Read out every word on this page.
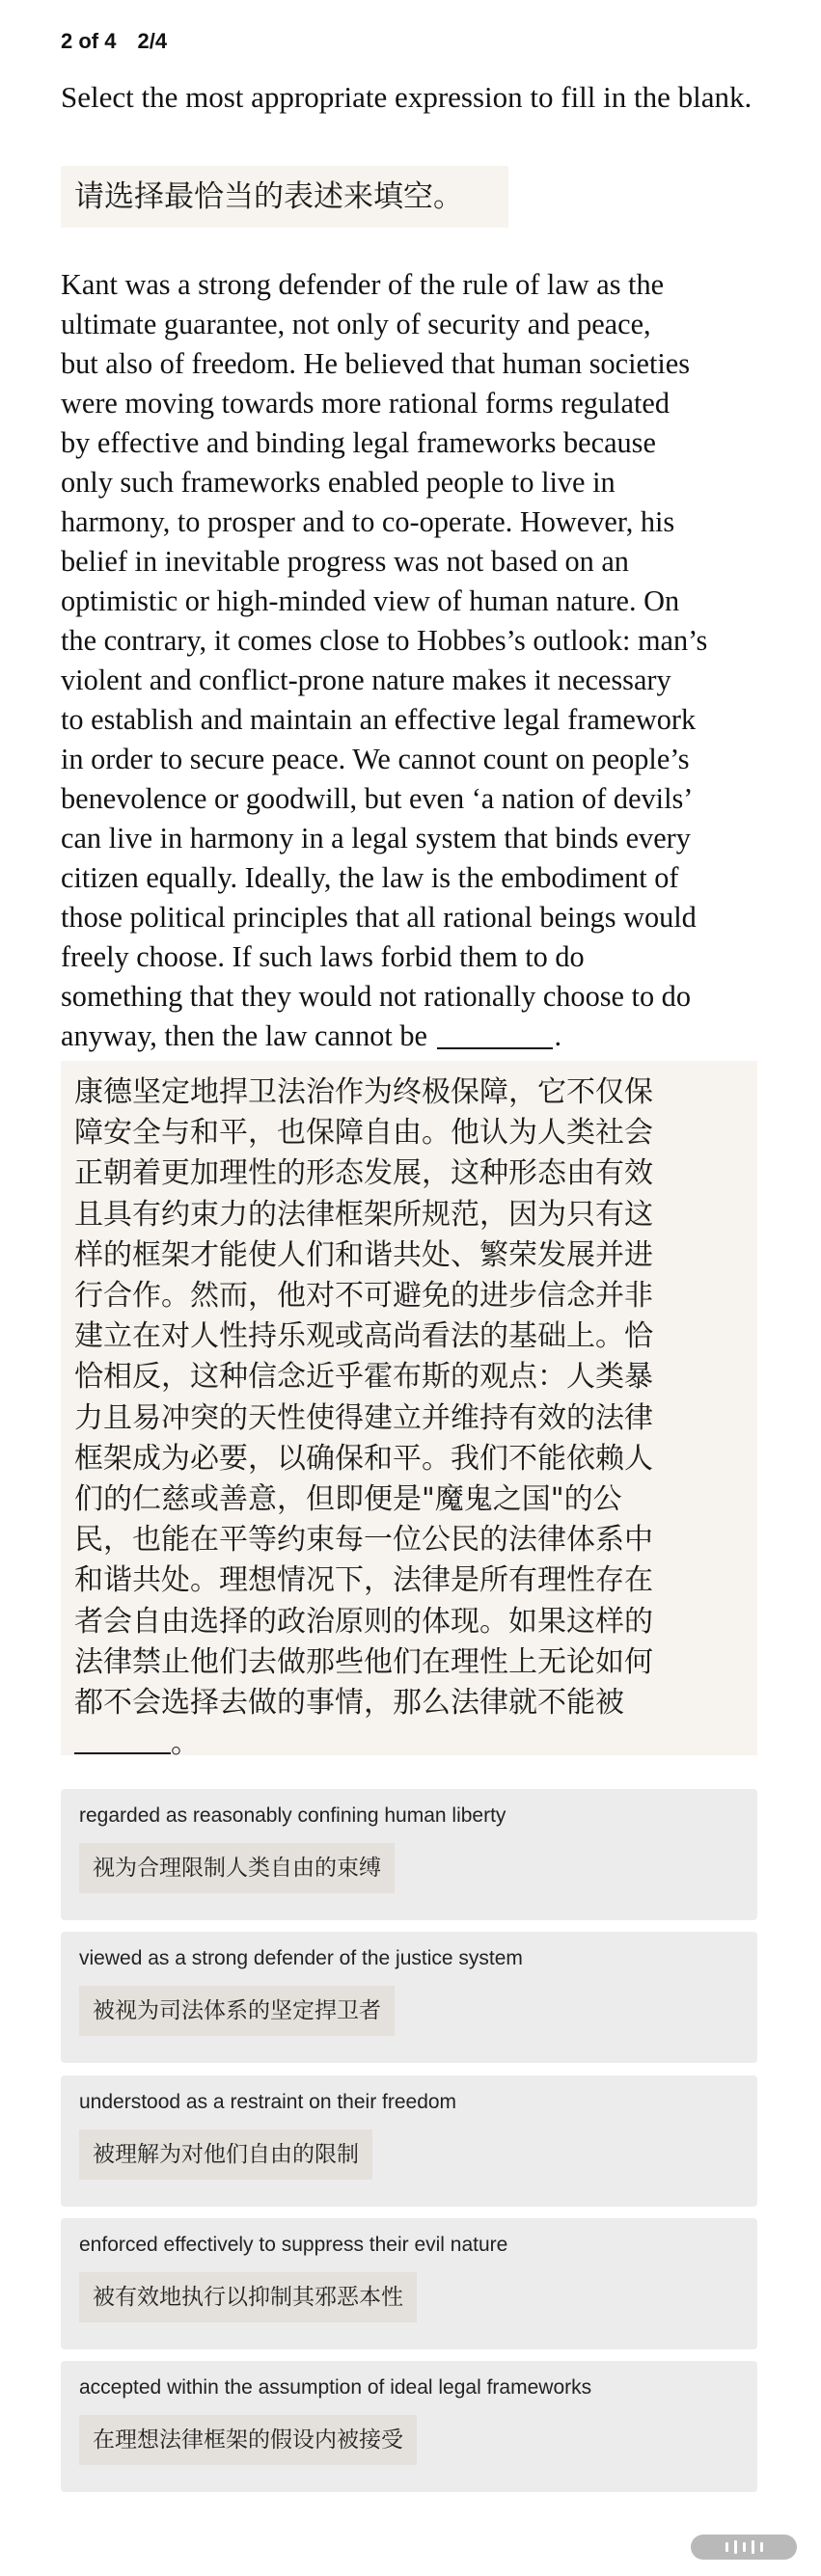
2 of 4 2/4
Select the most appropriate expression to fill in the blank.
请选择最恰当的表述来填空。
Kant was a strong defender of the rule of law as the
ultimate guarantee, not only of security and peace,
but also of freedom. He believed that human societies
were moving towards more rational forms regulated
by effective and binding legal frameworks because
only such frameworks enabled people to live in
harmony, to prosper and to co-operate. However, his
belief in inevitable progress was not based on an
optimistic or high-minded view of human nature. On
the contrary, it comes close to Hobbes’s outlook: man’s
violent and conflict-prone nature makes it necessary
to establish and maintain an effective legal framework
in order to secure peace. We cannot count on people’s
benevolence or goodwill, but even ‘a nation of devils’
can live in harmony in a legal system that binds every
citizen equally. Ideally, the law is the embodiment of
those political principles that all rational beings would
freely choose. If such laws forbid them to do
something that they would not rationally choose to do
anyway, then the law cannot be	.
康德坚定地捍卫法治作为终极保障，它不仅保
障安全与和平，也保障自由。他认为人类社会
正朝着更加理性的形态发展，这种形态由有效
且具有约束力的法律框架所规范，因为只有这
样的框架才能使人们和谐共处、繁荣发展并进
行合作。然而，他对不可避免的进步信念并非
建立在对人性持乐观或高尚看法的基础上。恰
恰相反，这种信念近乎霍布斯的观点：人类暴
力且易冲突的天性使得建立并维持有效的法律
框架成为必要，以确保和平。我们不能依赖人
们的仁慈或善意，但即便是"魔鬼之国"的公
民，也能在平等约束每一位公民的法律体系中
和谐共处。理想情况下，法律是所有理性存在
者会自由选择的政治原则的体现。如果这样的
法律禁止他们去做那些他们在理性上无论如何
都不会选择去做的事情，那么法律就不能被
。
regarded as reasonably confining human liberty
视为合理限制人类自由的束缚
viewed as a strong defender of the justice system
被视为司法体系的坚定捍卫者
understood as a restraint on their freedom
被理解为对他们自由的限制
enforced effectively to suppress their evil nature
被有效地执行以抑制其邪恶本性
accepted within the assumption of ideal legal frameworks
在理想法律框架的假设内被接受
